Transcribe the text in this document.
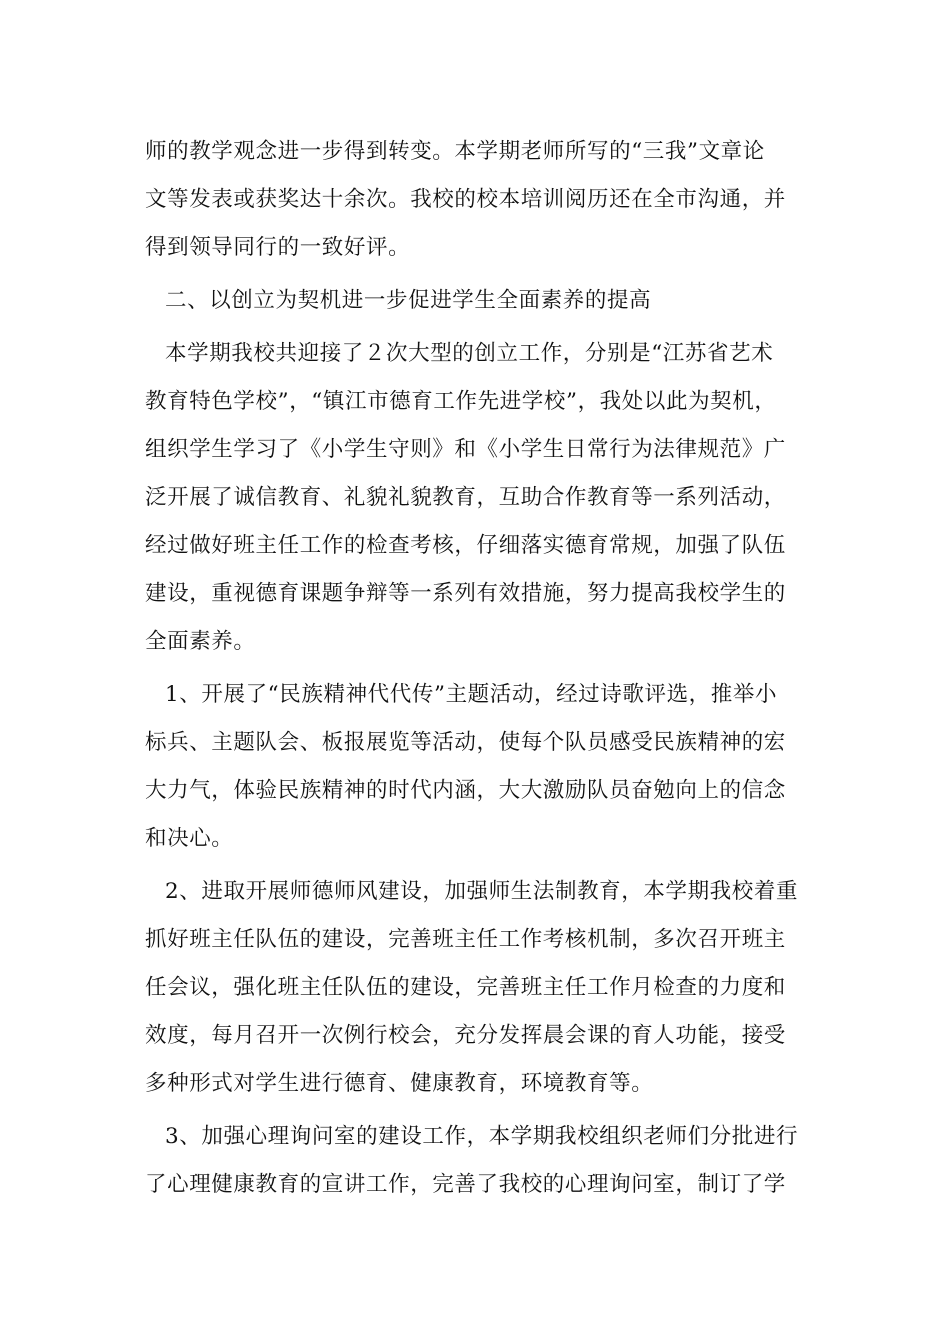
师的教学观念进一步得到转变。本学期老师所写的“三我”文章论
文等发表或获奖达十余次。我校的校本培训阅历还在全市沟通，并
得到领导同行的一致好评。
二、以创立为契机进一步促进学生全面素养的提高
本学期我校共迎接了２次大型的创立工作，分别是“江苏省艺术
教育特色学校”，“镇江市德育工作先进学校”，我处以此为契机，
组织学生学习了《小学生守则》和《小学生日常行为法律规范》广
泛开展了诚信教育、礼貌礼貌教育，互助合作教育等一系列活动，
经过做好班主任工作的检查考核，仔细落实德育常规，加强了队伍
建设，重视德育课题争辩等一系列有效措施，努力提高我校学生的
全面素养。
1、开展了“民族精神代代传”主题活动，经过诗歌评选，推举小
标兵、主题队会、板报展览等活动，使每个队员感受民族精神的宏
大力气，体验民族精神的时代内涵，大大激励队员奋勉向上的信念
和决心。
2、进取开展师德师风建设，加强师生法制教育，本学期我校着重
抓好班主任队伍的建设，完善班主任工作考核机制，多次召开班主
任会议，强化班主任队伍的建设，完善班主任工作月检查的力度和
效度，每月召开一次例行校会，充分发挥晨会课的育人功能，接受
多种形式对学生进行德育、健康教育，环境教育等。
3、加强心理询问室的建设工作，本学期我校组织老师们分批进行
了心理健康教育的宣讲工作，完善了我校的心理询问室，制订了学
